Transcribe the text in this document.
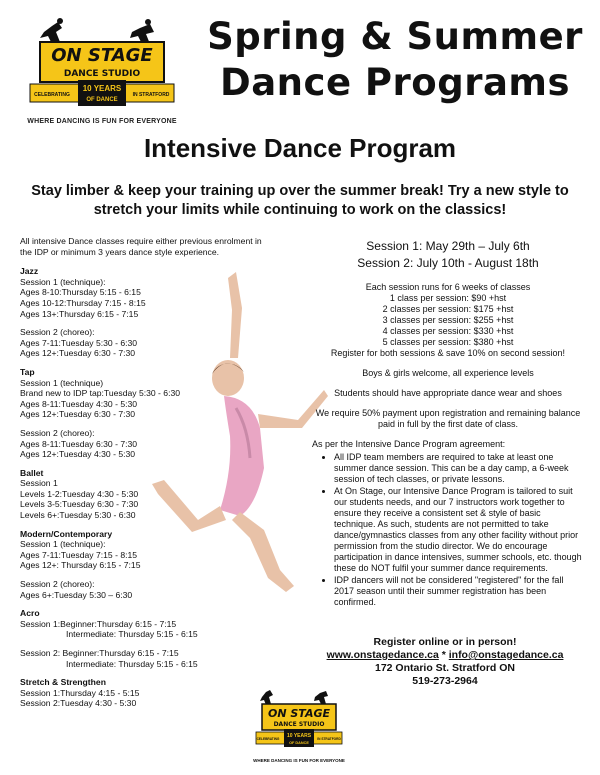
ON STAGE
DANCE STUDIO
CELEBRATING
10 YEARS
OF DANCE
IN STRATFORD
WHERE DANCING IS FUN FOR EVERYONE
Spring & Summer
Dance Programs
Intensive Dance Program
Stay limber & keep your training up over the summer break! Try a new style to stretch your limits while continuing to work on the classics!
All intensive Dance classes require either previous enrolment in the IDP or minimum 3 years dance style experience.
Jazz
Session 1 (technique):
Ages 8-10:Thursday 5:15 - 6:15
Ages 10-12:Thursday 7:15 - 8:15
Ages 13+:Thursday 6:15 - 7:15
Session 2 (choreo):
Ages 7-11:Tuesday 5:30 - 6:30
Ages 12+:Tuesday 6:30 - 7:30
Tap
Session 1 (technique)
Brand new to IDP tap:Tuesday 5:30 - 6:30
Ages 8-11:Tuesday 4:30 - 5:30
Ages 12+:Tuesday 6:30 - 7:30
Session 2 (choreo):
Ages 8-11:Tuesday 6:30 - 7:30
Ages 12+:Tuesday 4:30 - 5:30
Ballet
Session 1
Levels 1-2:Tuesday 4:30 - 5:30
Levels 3-5:Tuesday 6:30 - 7:30
Levels 6+:Tuesday 5:30 - 6:30
Modern/Contemporary
Session 1 (technique):
Ages 7-11:Tuesday 7:15 - 8:15
Ages 12+: Thursday 6:15 - 7:15
Session 2 (choreo):
Ages 6+:Tuesday 5:30 – 6:30
Acro
Session 1:Beginner:Thursday 6:15 - 7:15
Intermediate: Thursday 5:15 - 6:15
Session 2: Beginner:Thursday 6:15 - 7:15
Intermediate: Thursday 5:15 - 6:15
Stretch & Strengthen
Session 1:Thursday 4:15 - 5:15
Session 2:Tuesday 4:30 - 5:30
Session 1: May 29th – July 6th
Session 2: July 10th - August 18th
Each session runs for 6 weeks of classes
1 class per session: $90 +hst
2 classes per session: $175 +hst
3 classes per session: $255 +hst
4 classes per session: $330 +hst
5 classes per session: $380 +hst
Register for both sessions & save 10% on second session!
Boys & girls welcome, all experience levels
Students should have appropriate dance wear and shoes
We require 50% payment upon registration and remaining balance paid in full by the first date of class.
As per the Intensive Dance Program agreement:
• All IDP team members are required to take at least one summer dance session. This can be a day camp, a 6-week session of tech classes, or private lessons.
• At On Stage, our Intensive Dance Program is tailored to suit our students needs, and our 7 instructors work together to ensure they receive a consistent set & style of basic technique. As such, students are not permitted to take dance/gymnastics classes from any other facility without prior permission from the studio director. We do encourage participation in dance intensives, summer schools, etc. though these do NOT fulfil your summer dance requirements.
• IDP dancers will not be considered "registered" for the fall 2017 season until their summer registration has been confirmed.
Register online or in person!
www.onstagedance.ca * info@onstagedance.ca
172 Ontario St. Stratford ON
519-273-2964
ON STAGE
DANCE STUDIO
CELEBRATING 10 YEARS
OF DANCE
IN STRATFORD
WHERE DANCING IS FUN FOR EVERYONE
